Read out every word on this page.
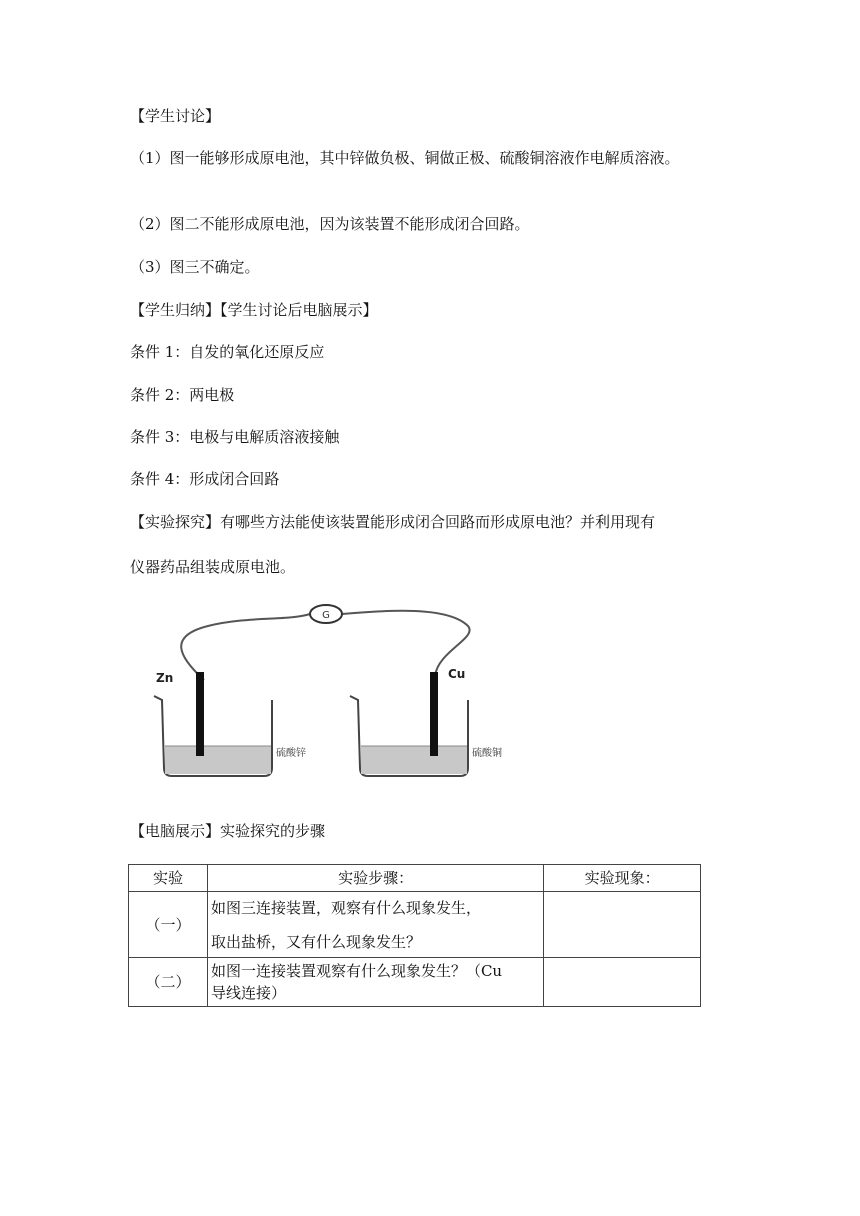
【学生讨论】
（1）图一能够形成原电池，其中锌做负极、铜做正极、硫酸铜溶液作电解质溶液。
（2）图二不能形成原电池，因为该装置不能形成闭合回路。
（3）图三不确定。
【学生归纳】【学生讨论后电脑展示】
条件 1：自发的氧化还原反应
条件 2：两电极
条件 3：电极与电解质溶液接触
条件 4：形成闭合回路
【实验探究】有哪些方法能使该装置能形成闭合回路而形成原电池？并利用现有
仪器药品组装成原电池。
【电脑展示】实验探究的步骤
G
Zn
硫酸锌
Cu
硫酸铜
实验	实验步骤：	实验现象：
（一）	如图三连接装置，观察有什么现象发生，
取出盐桥，又有什么现象发生？	
（二）	如图一连接装置观察有什么现象发生？（Cu
导线连接）	
